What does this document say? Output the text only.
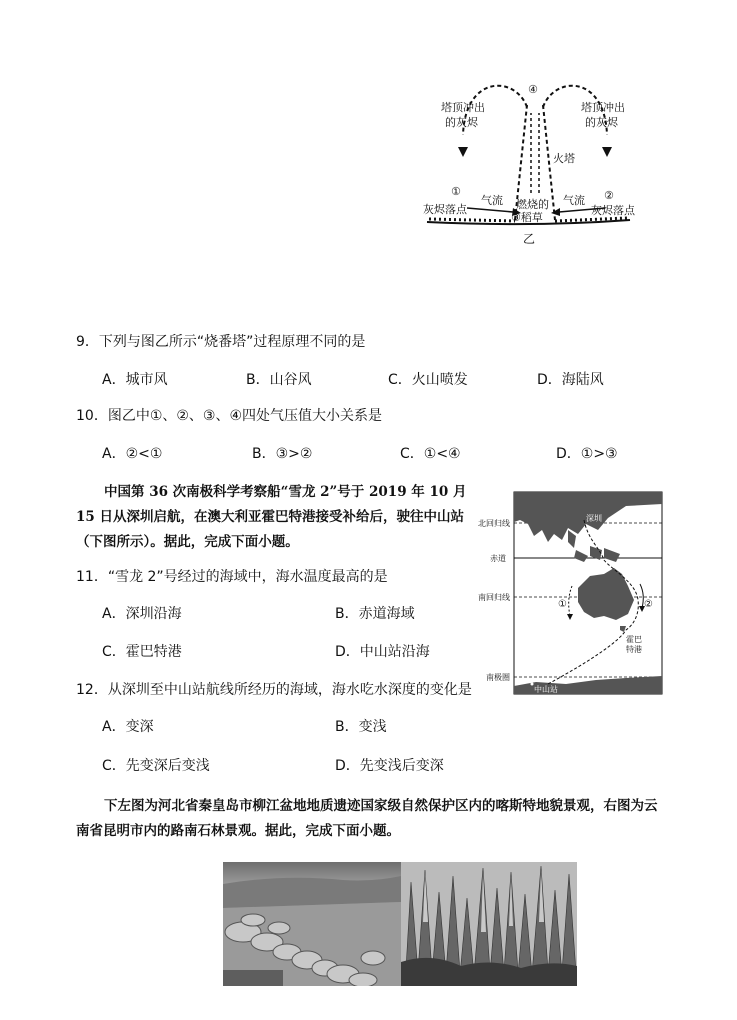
④
塔顶冲出
的灰烬
塔顶冲出
的灰烬
火塔
①
灰烬落点
②
灰烬落点
气流	气流
燃烧的
③稻草
乙
9．下列与图乙所示“烧番塔”过程原理不同的是
A．城市风	B．山谷风	C．火山喷发	D．海陆风
10．图乙中①、②、③、④四处气压值大小关系是
A．②<①	B．③>②	C．①<④	D．①>③
中国第 36 次南极科学考察船“雪龙 2”号于 2019 年 10 月 15 日从深圳启航，在澳大利亚霍巴特港接受补给后，驶往中山站（下图所示）。据此，完成下面小题。
11．“雪龙 2”号经过的海域中，海水温度最高的是
A．深圳沿海	B．赤道海域
C．霍巴特港	D．中山站沿海
12．从深圳至中山站航线所经历的海域，海水吃水深度的变化是
A．变深	B．变浅
C．先变深后变浅	D．先变浅后变深
北回归线
赤道
南回归线
南极圈
深圳
霍巴
特港
中山站
①	②
下左图为河北省秦皇岛市柳江盆地地质遗迹国家级自然保护区内的喀斯特地貌景观，右图为云南省昆明市内的路南石林景观。据此，完成下面小题。
